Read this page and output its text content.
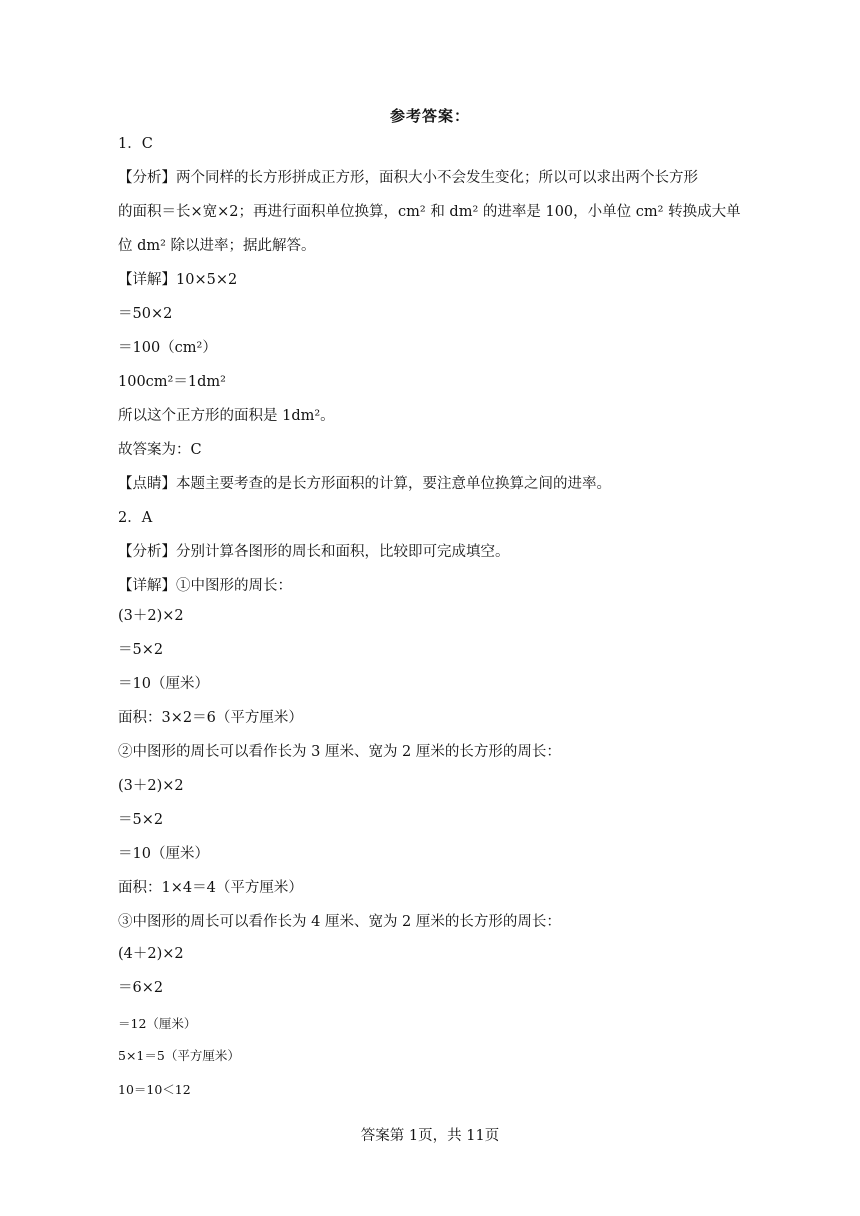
参考答案：
1．C
【分析】两个同样的长方形拼成正方形，面积大小不会发生变化；所以可以求出两个长方形
的面积＝长×宽×2；再进行面积单位换算，cm² 和 dm² 的进率是 100，小单位 cm² 转换成大单
位 dm² 除以进率；据此解答。
【详解】10×5×2
＝50×2
＝100（cm²）
100cm²＝1dm²
所以这个正方形的面积是 1dm²。
故答案为：C
【点睛】本题主要考查的是长方形面积的计算，要注意单位换算之间的进率。
2．A
【分析】分别计算各图形的周长和面积，比较即可完成填空。
【详解】①中图形的周长：
(3＋2)×2
＝5×2
＝10（厘米）
面积：3×2＝6（平方厘米）
②中图形的周长可以看作长为 3 厘米、宽为 2 厘米的长方形的周长：
(3＋2)×2
＝5×2
＝10（厘米）
面积：1×4＝4（平方厘米）
③中图形的周长可以看作长为 4 厘米、宽为 2 厘米的长方形的周长：
(4＋2)×2
＝6×2
＝12（厘米）
5×1＝5（平方厘米）
10＝10＜12
答案第 1页，共 11页
